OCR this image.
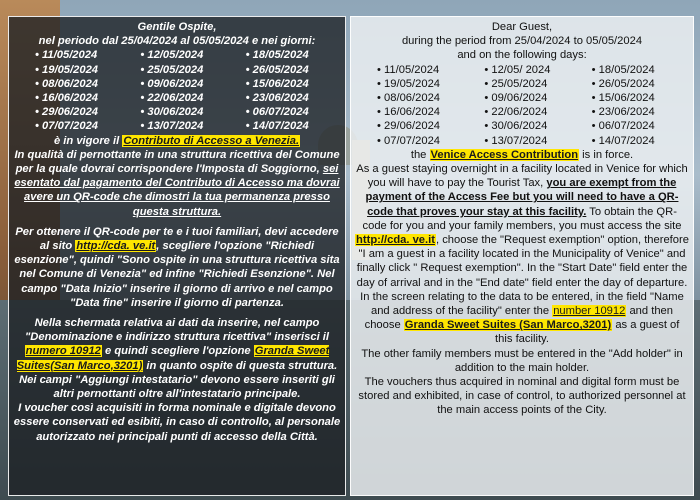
Gentile Ospite,

nel periodo dal 25/04/2024 al 05/05/2024 e nei giorni:

• 11/05/2024	• 12/05/2024	• 18/05/2024
• 19/05/2024	• 25/05/2024	• 26/05/2024
• 08/06/2024	• 09/06/2024	• 15/06/2024
• 16/06/2024	• 22/06/2024	• 23/06/2024
• 29/06/2024	• 30/06/2024	• 06/07/2024
• 07/07/2024	• 13/07/2024	• 14/07/2024

è in vigore il Contributo di Accesso a Venezia.

In qualità di pernottante in una struttura ricettiva del Comune per la quale dovrai corrispondere l'Imposta di Soggiorno, sei esentato dal pagamento del Contributo di Accesso ma dovrai avere un QR-code che dimostri la tua permanenza presso questa struttura.

Per ottenere il QR-code per te e i tuoi familiari, devi accedere al sito http://cda. ve.it, scegliere l'opzione "Richiedi esenzione", quindi "Sono ospite in una struttura ricettiva sita nel Comune di Venezia" ed infine "Richiedi Esenzione". Nel campo "Data Inizio" inserire il giorno di arrivo e nel campo "Data fine" inserire il giorno di partenza.

Nella schermata relativa ai dati da inserire, nel campo "Denominazione e indirizzo struttura ricettiva" inserisci il numero 10912 e quindi scegliere l'opzione Granda Sweet Suites(San Marco,3201) in quanto ospite di questa struttura.

Nei campi "Aggiungi intestatario" devono essere inseriti gli altri pernottanti oltre all'intestatario principale.

I voucher così acquisiti in forma nominale e digitale devono essere conservati ed esibiti, in caso di controllo, al personale autorizzato nei principali punti di accesso della Città.

Dear Guest,

during the period from 25/04/2024 to 05/05/2024

and on the following days:

• 11/05/2024	• 12/05/ 2024	• 18/05/2024
• 19/05/2024	• 25/05/2024	• 26/05/2024
• 08/06/2024	• 09/06/2024	• 15/06/2024
• 16/06/2024	• 22/06/2024	• 23/06/2024
• 29/06/2024	• 30/06/2024	• 06/07/2024
• 07/07/2024	• 13/07/2024	• 14/07/2024

the Venice Access Contribution is in force.

As a guest staying overnight in a facility located in Venice for which you will have to pay the Tourist Tax, you are exempt from the payment of the Access Fee but you will need to have a QR-code that proves your stay at this facility. To obtain the QR-code for you and your family members, you must access the site http://cda. ve.it, choose the "Request exemption" option, therefore "I am a guest in a facility located in the Municipality of Venice" and finally click " Request exemption". In the "Start Date" field enter the day of arrival and in the "End date" field enter the day of departure.

In the screen relating to the data to be entered, in the field "Name and address of the facility" enter the number 10912 and then choose Granda Sweet Suites (San Marco,3201) as a guest of this facility.

The other family members must be entered in the "Add holder" in addition to the main holder.

The vouchers thus acquired in nominal and digital form must be stored and exhibited, in case of control, to authorized personnel at the main access points of the City.
